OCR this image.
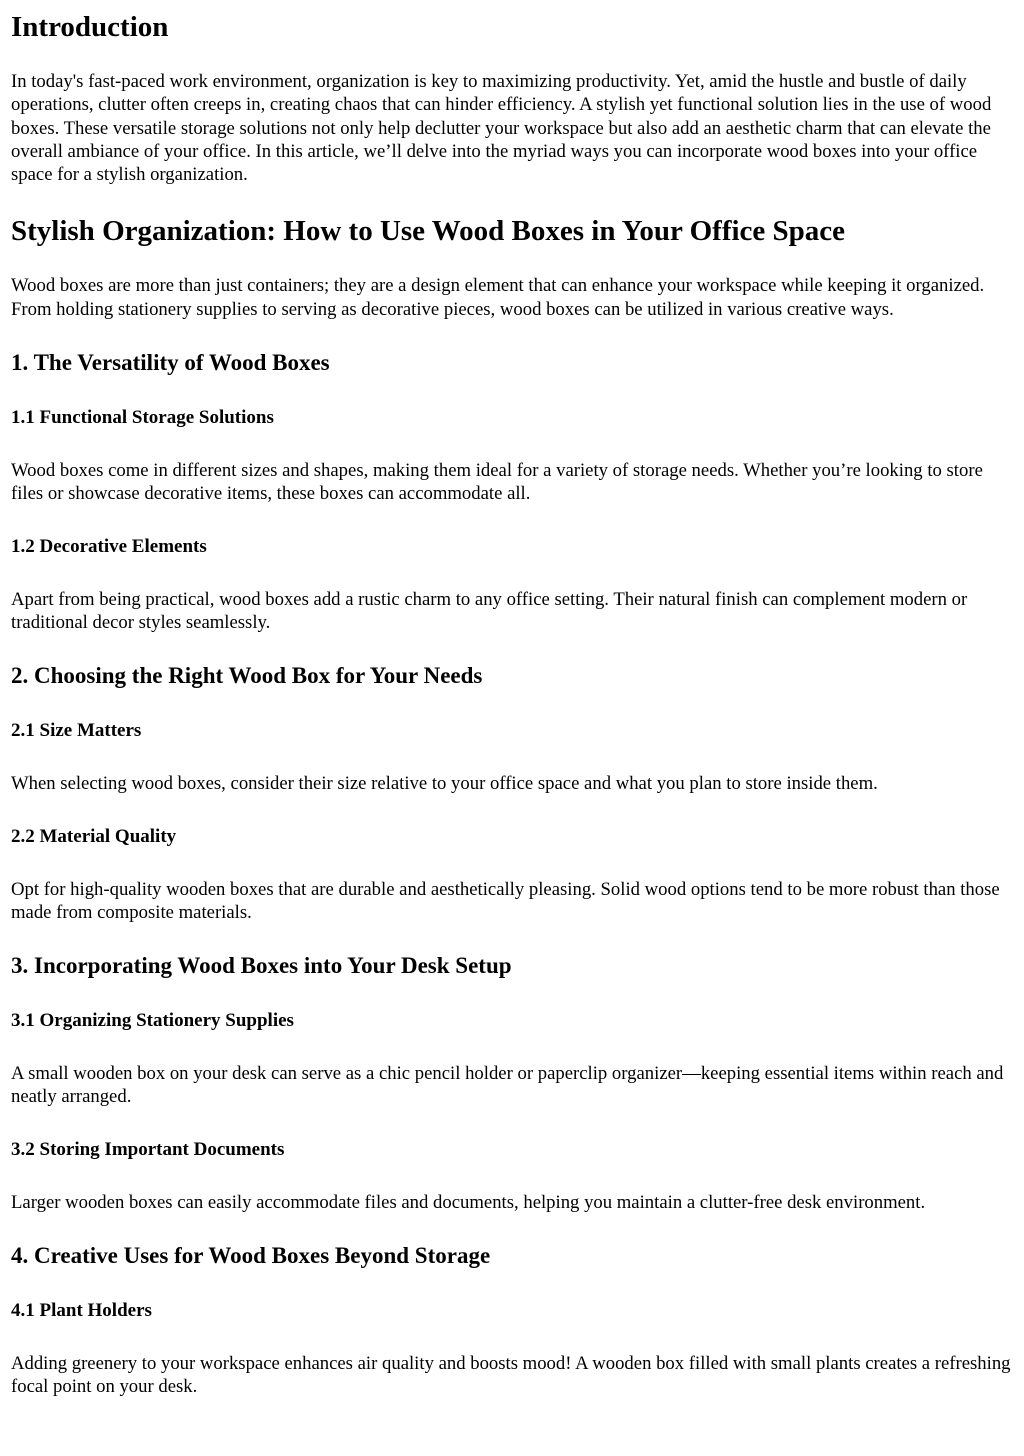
Introduction

In today's fast-paced work environment, organization is key to maximizing productivity. Yet, amid the hustle and bustle of daily operations, clutter often creeps in, creating chaos that can hinder efficiency. A stylish yet functional solution lies in the use of wood boxes. These versatile storage solutions not only help declutter your workspace but also add an aesthetic charm that can elevate the overall ambiance of your office. In this article, we’ll delve into the myriad ways you can incorporate wood boxes into your office space for a stylish organization.

Stylish Organization: How to Use Wood Boxes in Your Office Space

Wood boxes are more than just containers; they are a design element that can enhance your workspace while keeping it organized. From holding stationery supplies to serving as decorative pieces, wood boxes can be utilized in various creative ways.

1. The Versatility of Wood Boxes
1.1 Functional Storage Solutions

Wood boxes come in different sizes and shapes, making them ideal for a variety of storage needs. Whether you’re looking to store files or showcase decorative items, these boxes can accommodate all.

1.2 Decorative Elements

Apart from being practical, wood boxes add a rustic charm to any office setting. Their natural finish can complement modern or traditional decor styles seamlessly.

2. Choosing the Right Wood Box for Your Needs
2.1 Size Matters

When selecting wood boxes, consider their size relative to your office space and what you plan to store inside them.

2.2 Material Quality

Opt for high-quality wooden boxes that are durable and aesthetically pleasing. Solid wood options tend to be more robust than those made from composite materials.

3. Incorporating Wood Boxes into Your Desk Setup
3.1 Organizing Stationery Supplies

A small wooden box on your desk can serve as a chic pencil holder or paperclip organizer—keeping essential items within reach and neatly arranged.

3.2 Storing Important Documents

Larger wooden boxes can easily accommodate files and documents, helping you maintain a clutter-free desk environment.

4. Creative Uses for Wood Boxes Beyond Storage
4.1 Plant Holders

Adding greenery to your workspace enhances air quality and boosts mood! A wooden box filled with small plants creates a refreshing focal point on your desk.
